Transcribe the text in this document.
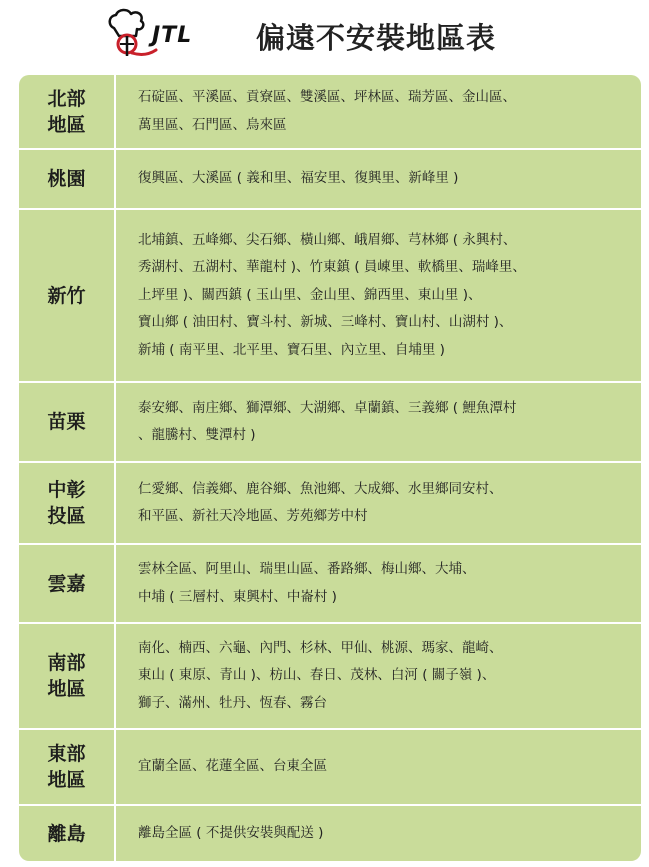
JTL 偏遠不安裝地區表
北部
地區
石碇區、平溪區、貢寮區、雙溪區、坪林區、瑞芳區、金山區、
萬里區、石門區、烏來區
桃園	復興區、大溪區 ( 義和里、福安里、復興里、新峰里 )
新竹
北埔鎮、五峰鄉、尖石鄉、橫山鄉、峨眉鄉、芎林鄉 ( 永興村、
秀湖村、五湖村、華龍村 )、竹東鎮 ( 員崠里、軟橋里、瑞峰里、
上坪里 )、關西鎮 ( 玉山里、金山里、錦西里、東山里 )、
寶山鄉 ( 油田村、寶斗村、新城、三峰村、寶山村、山湖村 )、
新埔 ( 南平里、北平里、寶石里、內立里、自埔里 )
苗栗
泰安鄉、南庄鄉、獅潭鄉、大湖鄉、卓蘭鎮、三義鄉 ( 鯉魚潭村
、龍騰村、雙潭村 )
中彰
投區
仁愛鄉、信義鄉、鹿谷鄉、魚池鄉、大成鄉、水里鄉同安村、
和平區、新社天冷地區、芳苑鄉芳中村
雲嘉
雲林全區、阿里山、瑞里山區、番路鄉、梅山鄉、大埔、
中埔 ( 三層村、東興村、中崙村 )
南部
地區
南化、楠西、六龜、內門、杉林、甲仙、桃源、瑪家、龍崎、
東山 ( 東原、青山 )、枋山、春日、茂林、白河 ( 關子嶺 )、
獅子、滿州、牡丹、恆春、霧台
東部
地區
宜蘭全區、花蓮全區、台東全區
離島	離島全區 ( 不提供安裝與配送 )
